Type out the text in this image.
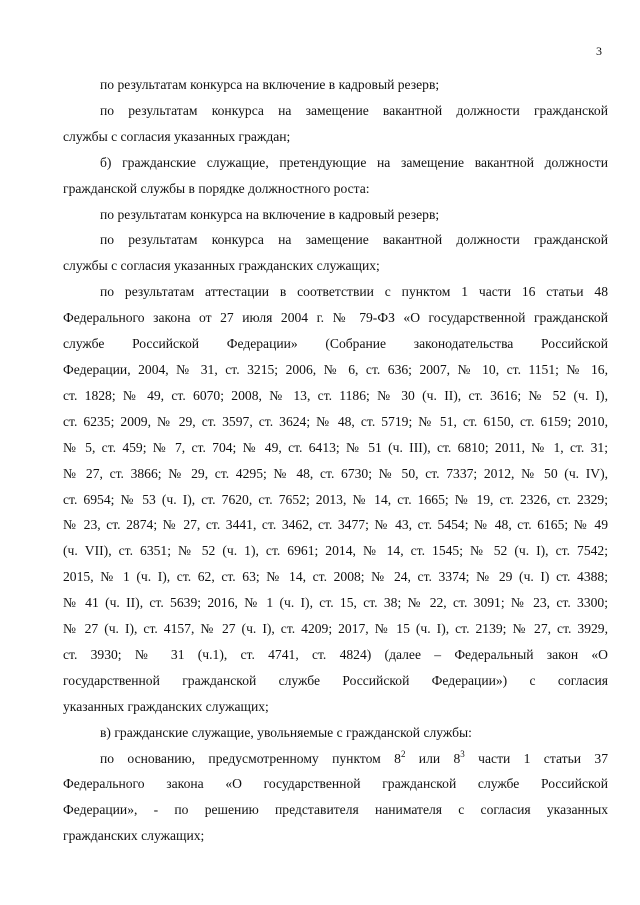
3

по результатам конкурса на включение в кадровый резерв;

по результатам конкурса на замещение вакантной должности гражданской
службы с согласия указанных граждан;

б) гражданские служащие, претендующие на замещение вакантной должности
гражданской службы в порядке должностного роста:

по результатам конкурса на включение в кадровый резерв;

по результатам конкурса на замещение вакантной должности гражданской
службы с согласия указанных гражданских служащих;

по результатам аттестации в соответствии с пунктом 1 части 16 статьи 48
Федерального закона от 27 июля 2004 г. № 79-ФЗ «О государственной гражданской
службе Российской Федерации» (Собрание законодательства Российской
Федерации, 2004, № 31, ст. 3215; 2006, № 6, ст. 636; 2007, № 10, ст. 1151; № 16,
ст. 1828; № 49, ст. 6070; 2008, № 13, ст. 1186; № 30 (ч. II), ст. 3616; № 52 (ч. I),
ст. 6235; 2009, № 29, ст. 3597, ст. 3624; № 48, ст. 5719; № 51, ст. 6150, ст. 6159; 2010,
№ 5, ст. 459; № 7, ст. 704; № 49, ст. 6413; № 51 (ч. III), ст. 6810; 2011, № 1, ст. 31;
№ 27, ст. 3866; № 29, ст. 4295; № 48, ст. 6730; № 50, ст. 7337; 2012, № 50 (ч. IV),
ст. 6954; № 53 (ч. I), ст. 7620, ст. 7652; 2013, № 14, ст. 1665; № 19, ст. 2326, ст. 2329;
№ 23, ст. 2874; № 27, ст. 3441, ст. 3462, ст. 3477; № 43, ст. 5454; № 48, ст. 6165; № 49
(ч. VII), ст. 6351; № 52 (ч. 1), ст. 6961; 2014, № 14, ст. 1545; № 52 (ч. I), ст. 7542;
2015, № 1 (ч. I), ст. 62, ст. 63; № 14, ст. 2008; № 24, ст. 3374; № 29 (ч. I) ст. 4388;
№ 41 (ч. II), ст. 5639; 2016, № 1 (ч. I), ст. 15, ст. 38; № 22, ст. 3091; № 23, ст. 3300;
№ 27 (ч. I), ст. 4157, № 27 (ч. I), ст. 4209; 2017, № 15 (ч. I), ст. 2139; № 27, ст. 3929,
ст. 3930; № 31 (ч.1), ст. 4741, ст. 4824) (далее – Федеральный закон «О
государственной гражданской службе Российской Федерации») с согласия
указанных гражданских служащих;

в) гражданские служащие, увольняемые с гражданской службы:

по основанию, предусмотренному пунктом $8^2$ или $8^3$ части 1 статьи 37
Федерального закона «О государственной гражданской службе Российской
Федерации», - по решению представителя нанимателя с согласия указанных
гражданских служащих;
